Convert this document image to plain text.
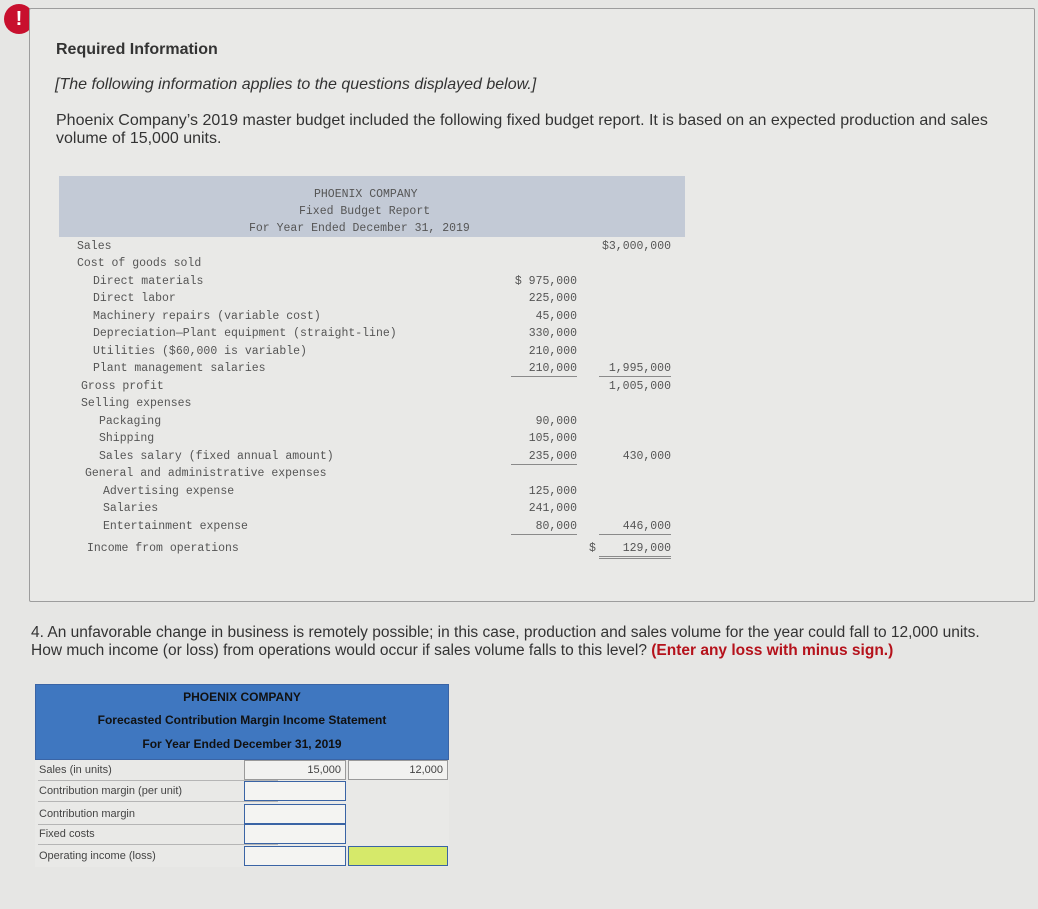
!
Required Information
[The following information applies to the questions displayed below.]
Phoenix Company’s 2019 master budget included the following fixed budget report. It is based on an expected production and sales volume of 15,000 units.
PHOENIX COMPANY
Fixed Budget Report
For Year Ended December 31, 2019
Sales	$3,000,000
Cost of goods sold
Direct materials	$ 975,000
Direct labor	225,000
Machinery repairs (variable cost)	45,000
Depreciation—Plant equipment (straight-line)	330,000
Utilities ($60,000 is variable)	210,000
Plant management salaries	210,000	1,995,000
Gross profit	1,005,000
Selling expenses
Packaging	90,000
Shipping	105,000
Sales salary (fixed annual amount)	235,000	430,000
General and administrative expenses
Advertising expense	125,000
Salaries	241,000
Entertainment expense	80,000	446,000
Income from operations	$	129,000
4. An unfavorable change in business is remotely possible; in this case, production and sales volume for the year could fall to 12,000 units. How much income (or loss) from operations would occur if sales volume falls to this level? (Enter any loss with minus sign.)
PHOENIX COMPANY
Forecasted Contribution Margin Income Statement
For Year Ended December 31, 2019
Sales (in units)	15,000	12,000
Contribution margin (per unit)
Contribution margin
Fixed costs
Operating income (loss)
